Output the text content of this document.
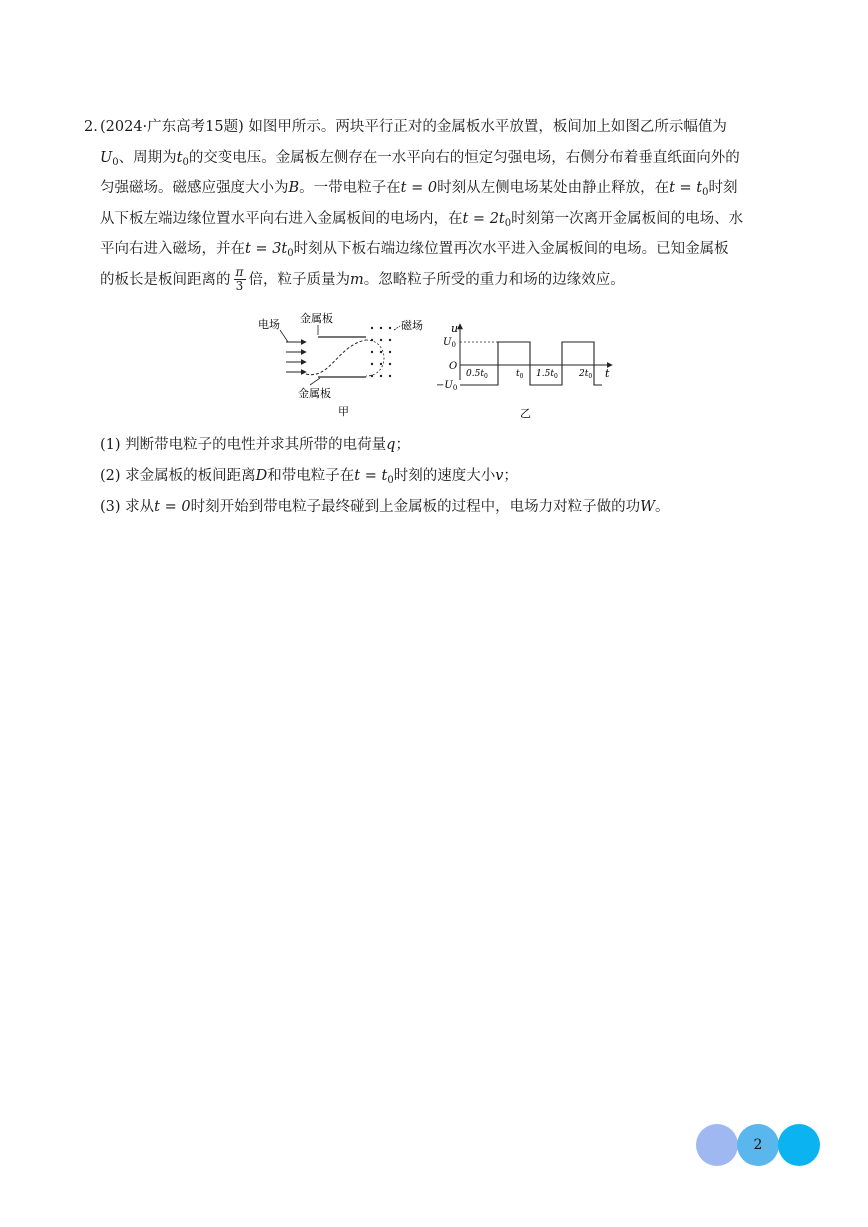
2. (2024·广东高考15题) 如图甲所示。两块平行正对的金属板水平放置，板间加上如图乙所示幅值为

$U_0$、周期为$t_0$的交变电压。金属板左侧存在一水平向右的恒定匀强电场，右侧分布着垂直纸面向外的

匀强磁场。磁感应强度大小为B。一带电粒子在t = 0时刻从左侧电场某处由静止释放，在$t = t_0$时刻

从下板左端边缘位置水平向右进入金属板间的电场内，在$t = 2t_0$时刻第一次离开金属板间的电场、水

平向右进入磁场，并在$t = 3t_0$时刻从下板右端边缘位置再次水平进入金属板间的电场。已知金属板

的板长是板间距离的 $\frac{\pi}{3}$ 倍，粒子质量为m。忽略粒子所受的重力和场的边缘效应。

电场 金属板
磁场
金属板
甲
u
t
O
$U_0$
$-U_0$
$0.5t_0$	$t_0$ $1.5t_0$ $2t_0$
乙

(1) 判断带电粒子的电性并求其所带的电荷量q；

(2) 求金属板的板间距离D和带电粒子在$t = t_0$时刻的速度大小v；

(3) 求从t = 0时刻开始到带电粒子最终碰到上金属板的过程中，电场力对粒子做的功W。

2
